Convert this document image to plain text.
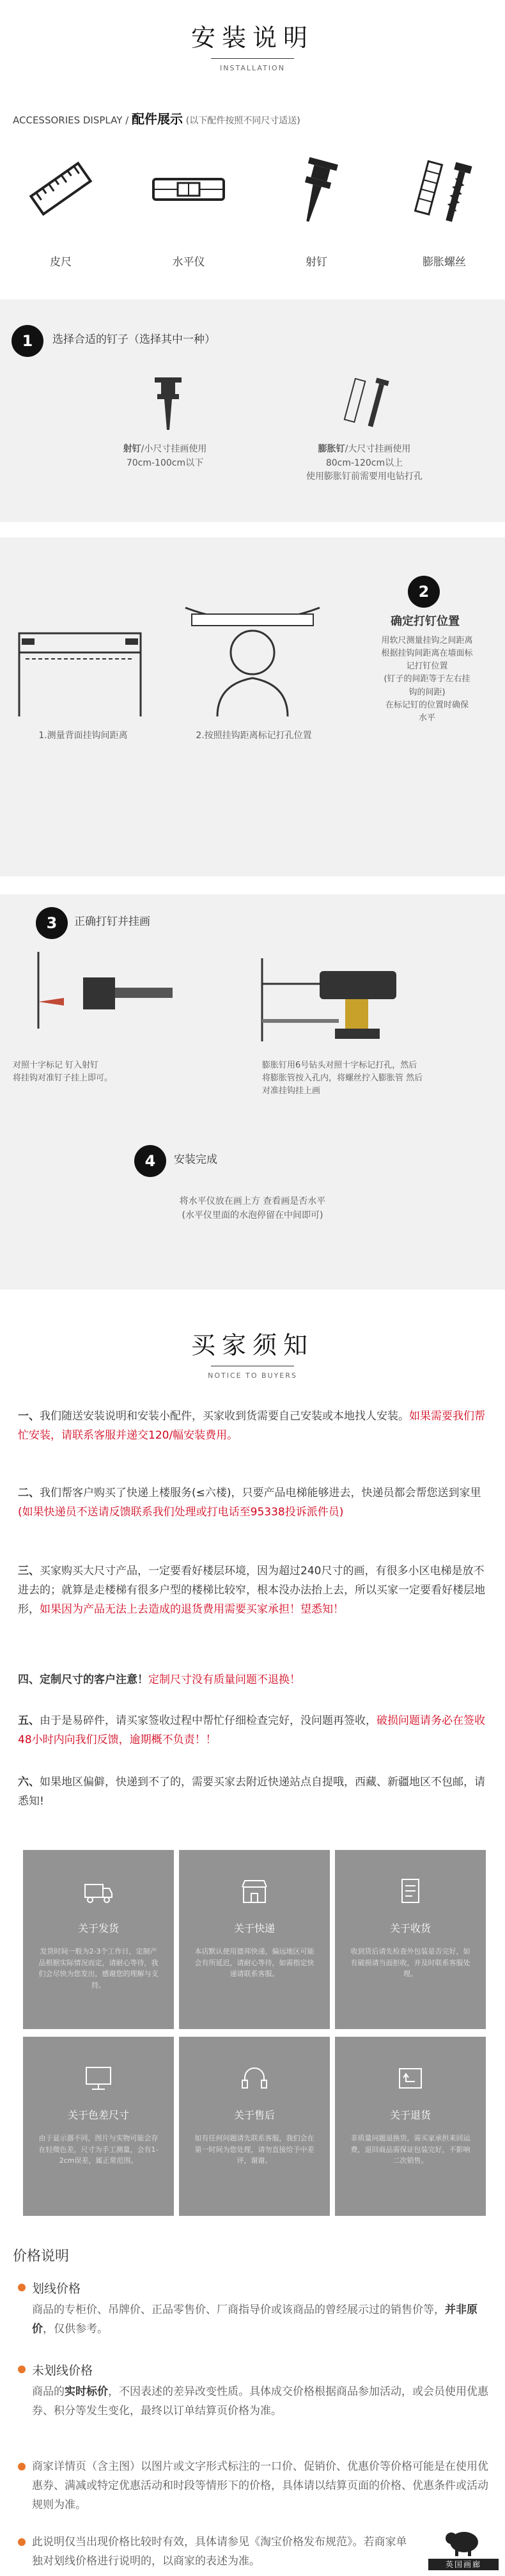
安装说明
INSTALLATION
ACCESSORIES DISPLAY / 配件展示 (以下配件按照不同尺寸适送)
皮尺	水平仪	射钉	膨胀螺丝
1	选择合适的钉子（选择其中一种）
射钉/小尺寸挂画使用
70cm-100cm以下
膨胀钉/大尺寸挂画使用
80cm-120cm以上
使用膨胀钉前需要用电钻打孔
1.测量背面挂钩间距离	2.按照挂钩距离标记打孔位置
2
确定打钉位置
用软尺测量挂钩之间距离
根据挂钩间距离在墙面标
记打钉位置
(钉子的间距等于左右挂
钩的间距)
在标记钉的位置时确保
水平
3	正确打钉并挂画
对照十字标记 钉入射钉
将挂钩对准钉子挂上即可。
膨胀钉用6号钻头对照十字标记打孔，然后
将膨胀管按入孔内，将螺丝拧入膨胀管 然后
对准挂钩挂上画
4	安装完成
将水平仪放在画上方 查看画是否水平
(水平仪里面的水泡停留在中间即可)
买家须知
NOTICE TO BUYERS
一、我们随送安装说明和安装小配件，买家收到货需要自己安装或本地找人安装。如果需要我们帮忙安装，请联系客服并递交120/幅安装费用。
二、我们帮客户购买了快递上楼服务(≤六楼)，只要产品电梯能够进去，快递员都会帮您送到家里(如果快递员不送请反馈联系我们处理或打电话至95338投诉派件员)
三、买家购买大尺寸产品，一定要看好楼层环境，因为超过240尺寸的画，有很多小区电梯是放不进去的；就算是走楼梯有很多户型的楼梯比较窄，根本没办法抬上去，所以买家一定要看好楼层地形，如果因为产品无法上去造成的退货费用需要买家承担！望悉知！
四、定制尺寸的客户注意！定制尺寸没有质量问题不退换！
五、由于是易碎件，请买家签收过程中帮忙仔细检查完好，没问题再签收，破损问题请务必在签收48小时内向我们反馈，逾期概不负责！！
六、如果地区偏僻，快递到不了的，需要买家去附近快递站点自提哦，西藏、新疆地区不包邮，请悉知!
关于发货
发货时间一般为2-3个工作日，定制产品根据实际情况而定，请耐心等待，我们会尽快为您发出，感谢您的理解与支持。
关于快递
本店默认使用德邦快递，偏远地区可能会有所延迟，请耐心等待，如需指定快递请联系客服。
关于收货
收到货后请先检查外包装是否完好，如有破损请当面拒收，并及时联系客服处理。
关于色差尺寸
由于显示器不同，图片与实物可能会存在轻微色差，尺寸为手工测量，会有1-2cm误差，属正常范围。
关于售后
如有任何问题请先联系客服，我们会在第一时间为您处理，请勿直接给予中差评，谢谢。
关于退货
非质量问题退换货，需买家承担来回运费，退回商品需保证包装完好，不影响二次销售。
价格说明
划线价格
商品的专柜价、吊牌价、正品零售价、厂商指导价或该商品的曾经展示过的销售价等，并非原价，仅供参考。
未划线价格
商品的实时标价，不因表述的差异改变性质。具体成交价格根据商品参加活动，或会员使用优惠券、积分等发生变化，最终以订单结算页价格为准。
商家详情页（含主图）以图片或文字形式标注的一口价、促销价、优惠价等价格可能是在使用优惠券、满减或特定优惠活动和时段等情形下的价格，具体请以结算页面的价格、优惠条件或活动规则为准。
此说明仅当出现价格比较时有效，具体请参见《淘宝价格发布规范》。若商家单独对划线价格进行说明的，以商家的表述为准。	英国画廊
